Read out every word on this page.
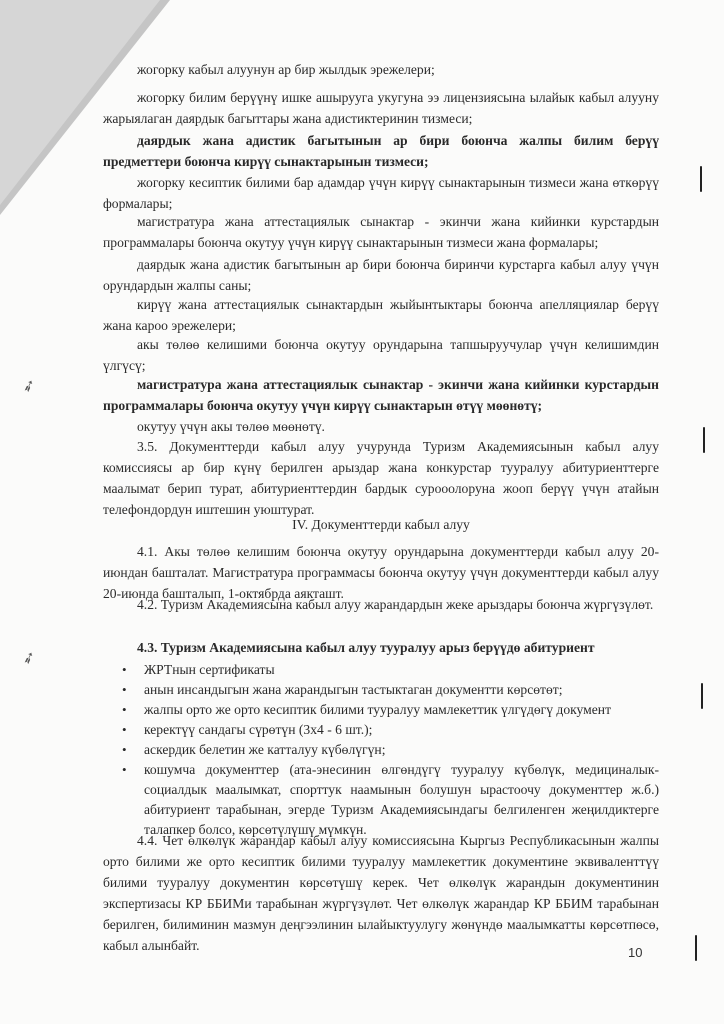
жогорку кабыл алуунун ар бир жылдык эрежелери;

жогорку билим берүүнү ишке ашырууга укугуна ээ лицензиясына ылайык кабыл алууну жарыялаган даярдык багыттары жана адистиктеринин тизмеси;

даярдык жана адистик багытынын ар бири боюнча жалпы билим берүү предметтери боюнча кирүү сынактарынын тизмеси;

жогорку кесиптик билими бар адамдар үчүн кирүү сынактарынын тизмеси жана өткөрүү формалары;

магистратура жана аттестациялык сынактар - экинчи жана кийинки курстардын программалары боюнча окутуу үчүн кирүү сынактарынын тизмеси жана формалары;

даярдык жана адистик багытынын ар бири боюнча биринчи курстарга кабыл алуу үчүн орундардын жалпы саны;

кирүү жана аттестациялык сынактардын жыйынтыктары боюнча апелляциялар берүү жана карoо эрежелери;

акы төлөө келишими боюнча окутуу орундарына тапшыруучулар үчүн келишимдин үлгүсү;

магистратура жана аттестациялык сынактар - экинчи жана кийинки курстардын программалары боюнча окутуу үчүн кирүү сынактарын өтүү мөөнөтү;

окутуу үчүн акы төлөө мөөнөтү.

3.5. Документтерди кабыл алуу учурунда Туризм Академиясынын кабыл алуу комиссиясы ар бир күнү берилген арыздар жана конкурстар тууралуу абитуриенттерге маалымат берип турат, абитуриенттердин бардык сурооолоруна жооп берүү үчүн атайын телефондордун иштешин уюштурат.

IV. Документтерди кабыл алуу

4.1. Акы төлөө келишим боюнча окутуу орундарына документтерди кабыл алуу 20-июндан башталат. Магистратура программасы боюнча окутуу үчүн документтерди кабыл алуу 20-июнда башталып, 1-октябрда аякташт.

4.2. Туризм Академиясына кабыл алуу жарандардын жеке арыздары боюнча жүргүзүлөт.

4.3. Туризм Академиясына кабыл алуу тууралуу арыз берүүдө абитуриент

• ЖРТнын сертификаты
• анын инсандыгын жана жарандыгын тастыктаган документти көрсөтөт;
• жалпы орто же орто кесиптик билими тууралуу мамлекеттик үлгүдөгү документ
• керектүү сандагы сүрөтүн (3х4 - 6 шт.);
• аскердик белетин же катталуу күбөлүгүн;
• кошумча документтер (ата-энесинин өлгөндүгү тууралуу күбөлүк, медициналык-социалдык маалымкат, спорттук наамынын болушун ырастоочу документтер ж.б.) абитуриент тарабынан, эгерде Туризм Академиясындагы белгиленген жеңилдиктерге талапкер болсо, көрсөтүлүшү мүмкүн.

4.4. Чет өлкөлүк жарандар кабыл алуу комиссиясына Кыргыз Республикасынын жалпы орто билими же орто кесиптик билими тууралуу мамлекеттик документине эквиваленттүү билими тууралуу документин көрсөтүшү керек. Чет өлкөлүк жарандын документинин экспертизасы КР ББИМи тарабынан жүргүзүлөт. Чет өлкөлүк жарандар КР ББИМ тарабынан берилген, билиминин мазмун деңгээлинин ылайыктуулугу жөнүндө маалымкатты көрсөтпөсө, кабыл алынбайт.	10
➶
➶
